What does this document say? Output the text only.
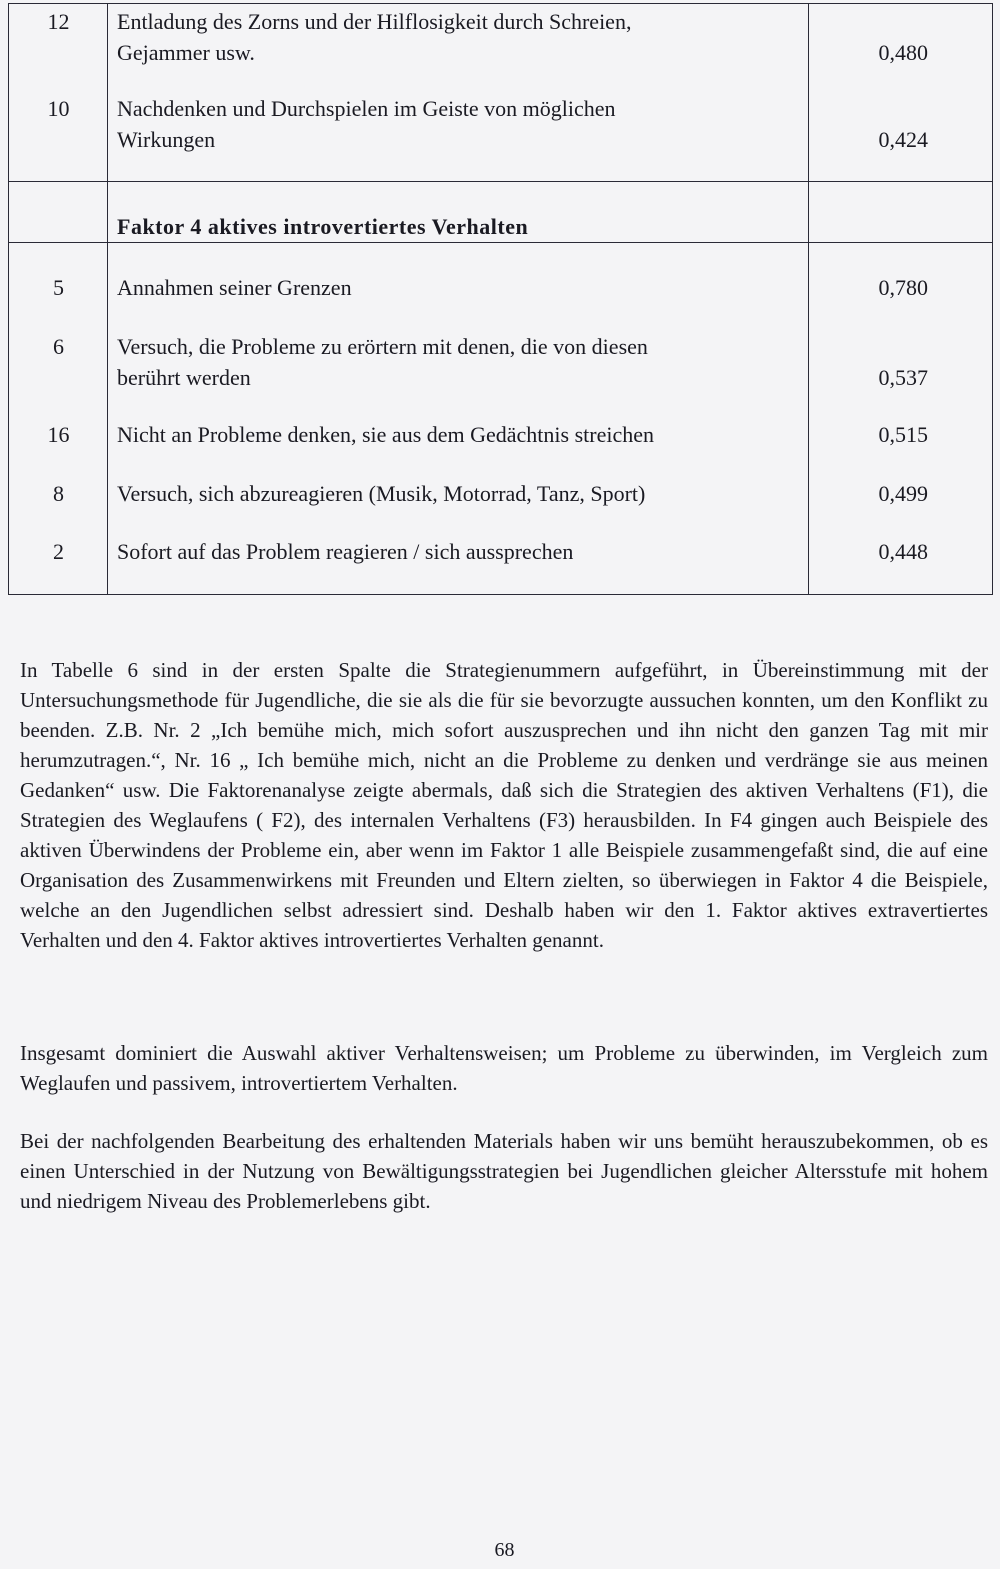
12	Entladung des Zorns und der Hilflosigkeit durch Schreien,
Gejammer usw.	0,480
10	Nachdenken und Durchspielen im Geiste von möglichen
Wirkungen	0,424
Faktor 4 aktives introvertiertes Verhalten
5	Annahmen seiner Grenzen	0,780
6	Versuch, die Probleme zu erörtern mit denen, die von diesen
berührt werden	0,537
16	Nicht an Probleme denken, sie aus dem Gedächtnis streichen	0,515
8	Versuch, sich abzureagieren (Musik, Motorrad, Tanz, Sport)	0,499
2	Sofort auf das Problem reagieren / sich aussprechen	0,448

In Tabelle 6 sind in der ersten Spalte die Strategienummern aufgeführt, in Übereinstimmung mit der Untersuchungsmethode für Jugendliche, die sie als die für sie bevorzugte aussuchen konnten, um den Konflikt zu beenden. Z.B. Nr. 2 „Ich bemühe mich, mich sofort auszusprechen und ihn nicht den ganzen Tag mit mir herumzutragen.“, Nr. 16 „ Ich bemühe mich, nicht an die Probleme zu denken und verdränge sie aus meinen Gedanken“ usw. Die Faktorenanalyse zeigte abermals, daß sich die Strategien des aktiven Verhaltens (F1), die Strategien des Weglaufens ( F2), des internalen Verhaltens (F3) herausbilden. In F4 gingen auch Beispiele des aktiven Überwindens der Probleme ein, aber wenn im Faktor 1 alle Beispiele zusammengefaßt sind, die auf eine Organisation des Zusammenwirkens mit Freunden und Eltern zielten, so überwiegen in Faktor 4 die Beispiele, welche an den Jugendlichen selbst adressiert sind. Deshalb haben wir den 1. Faktor aktives extravertiertes Verhalten und den 4. Faktor aktives introvertiertes Verhalten genannt.

Insgesamt dominiert die Auswahl aktiver Verhaltensweisen; um Probleme zu überwinden, im Vergleich zum Weglaufen und passivem, introvertiertem Verhalten.

Bei der nachfolgenden Bearbeitung des erhaltenden Materials haben wir uns bemüht herauszubekommen, ob es einen Unterschied in der Nutzung von Bewältigungsstrategien bei Jugendlichen gleicher Altersstufe mit hohem und niedrigem Niveau des Problemerlebens gibt.

68
